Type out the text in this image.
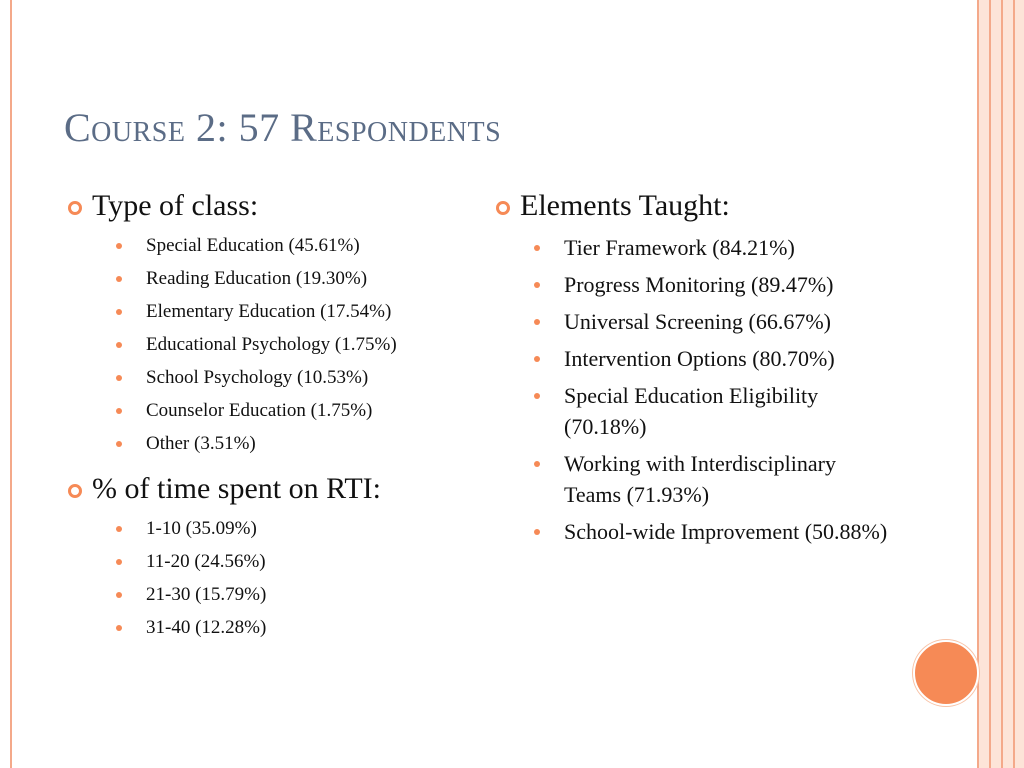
Course 2: 57 Respondents
Type of class:
Special Education (45.61%)
Reading Education (19.30%)
Elementary Education (17.54%)
Educational Psychology (1.75%)
School Psychology (10.53%)
Counselor Education (1.75%)
Other (3.51%)
% of time spent on RTI:
1-10 (35.09%)
11-20 (24.56%)
21-30 (15.79%)
31-40 (12.28%)
Elements Taught:
Tier Framework (84.21%)
Progress Monitoring (89.47%)
Universal Screening (66.67%)
Intervention Options (80.70%)
Special Education Eligibility (70.18%)
Working with Interdisciplinary Teams (71.93%)
School-wide Improvement (50.88%)
